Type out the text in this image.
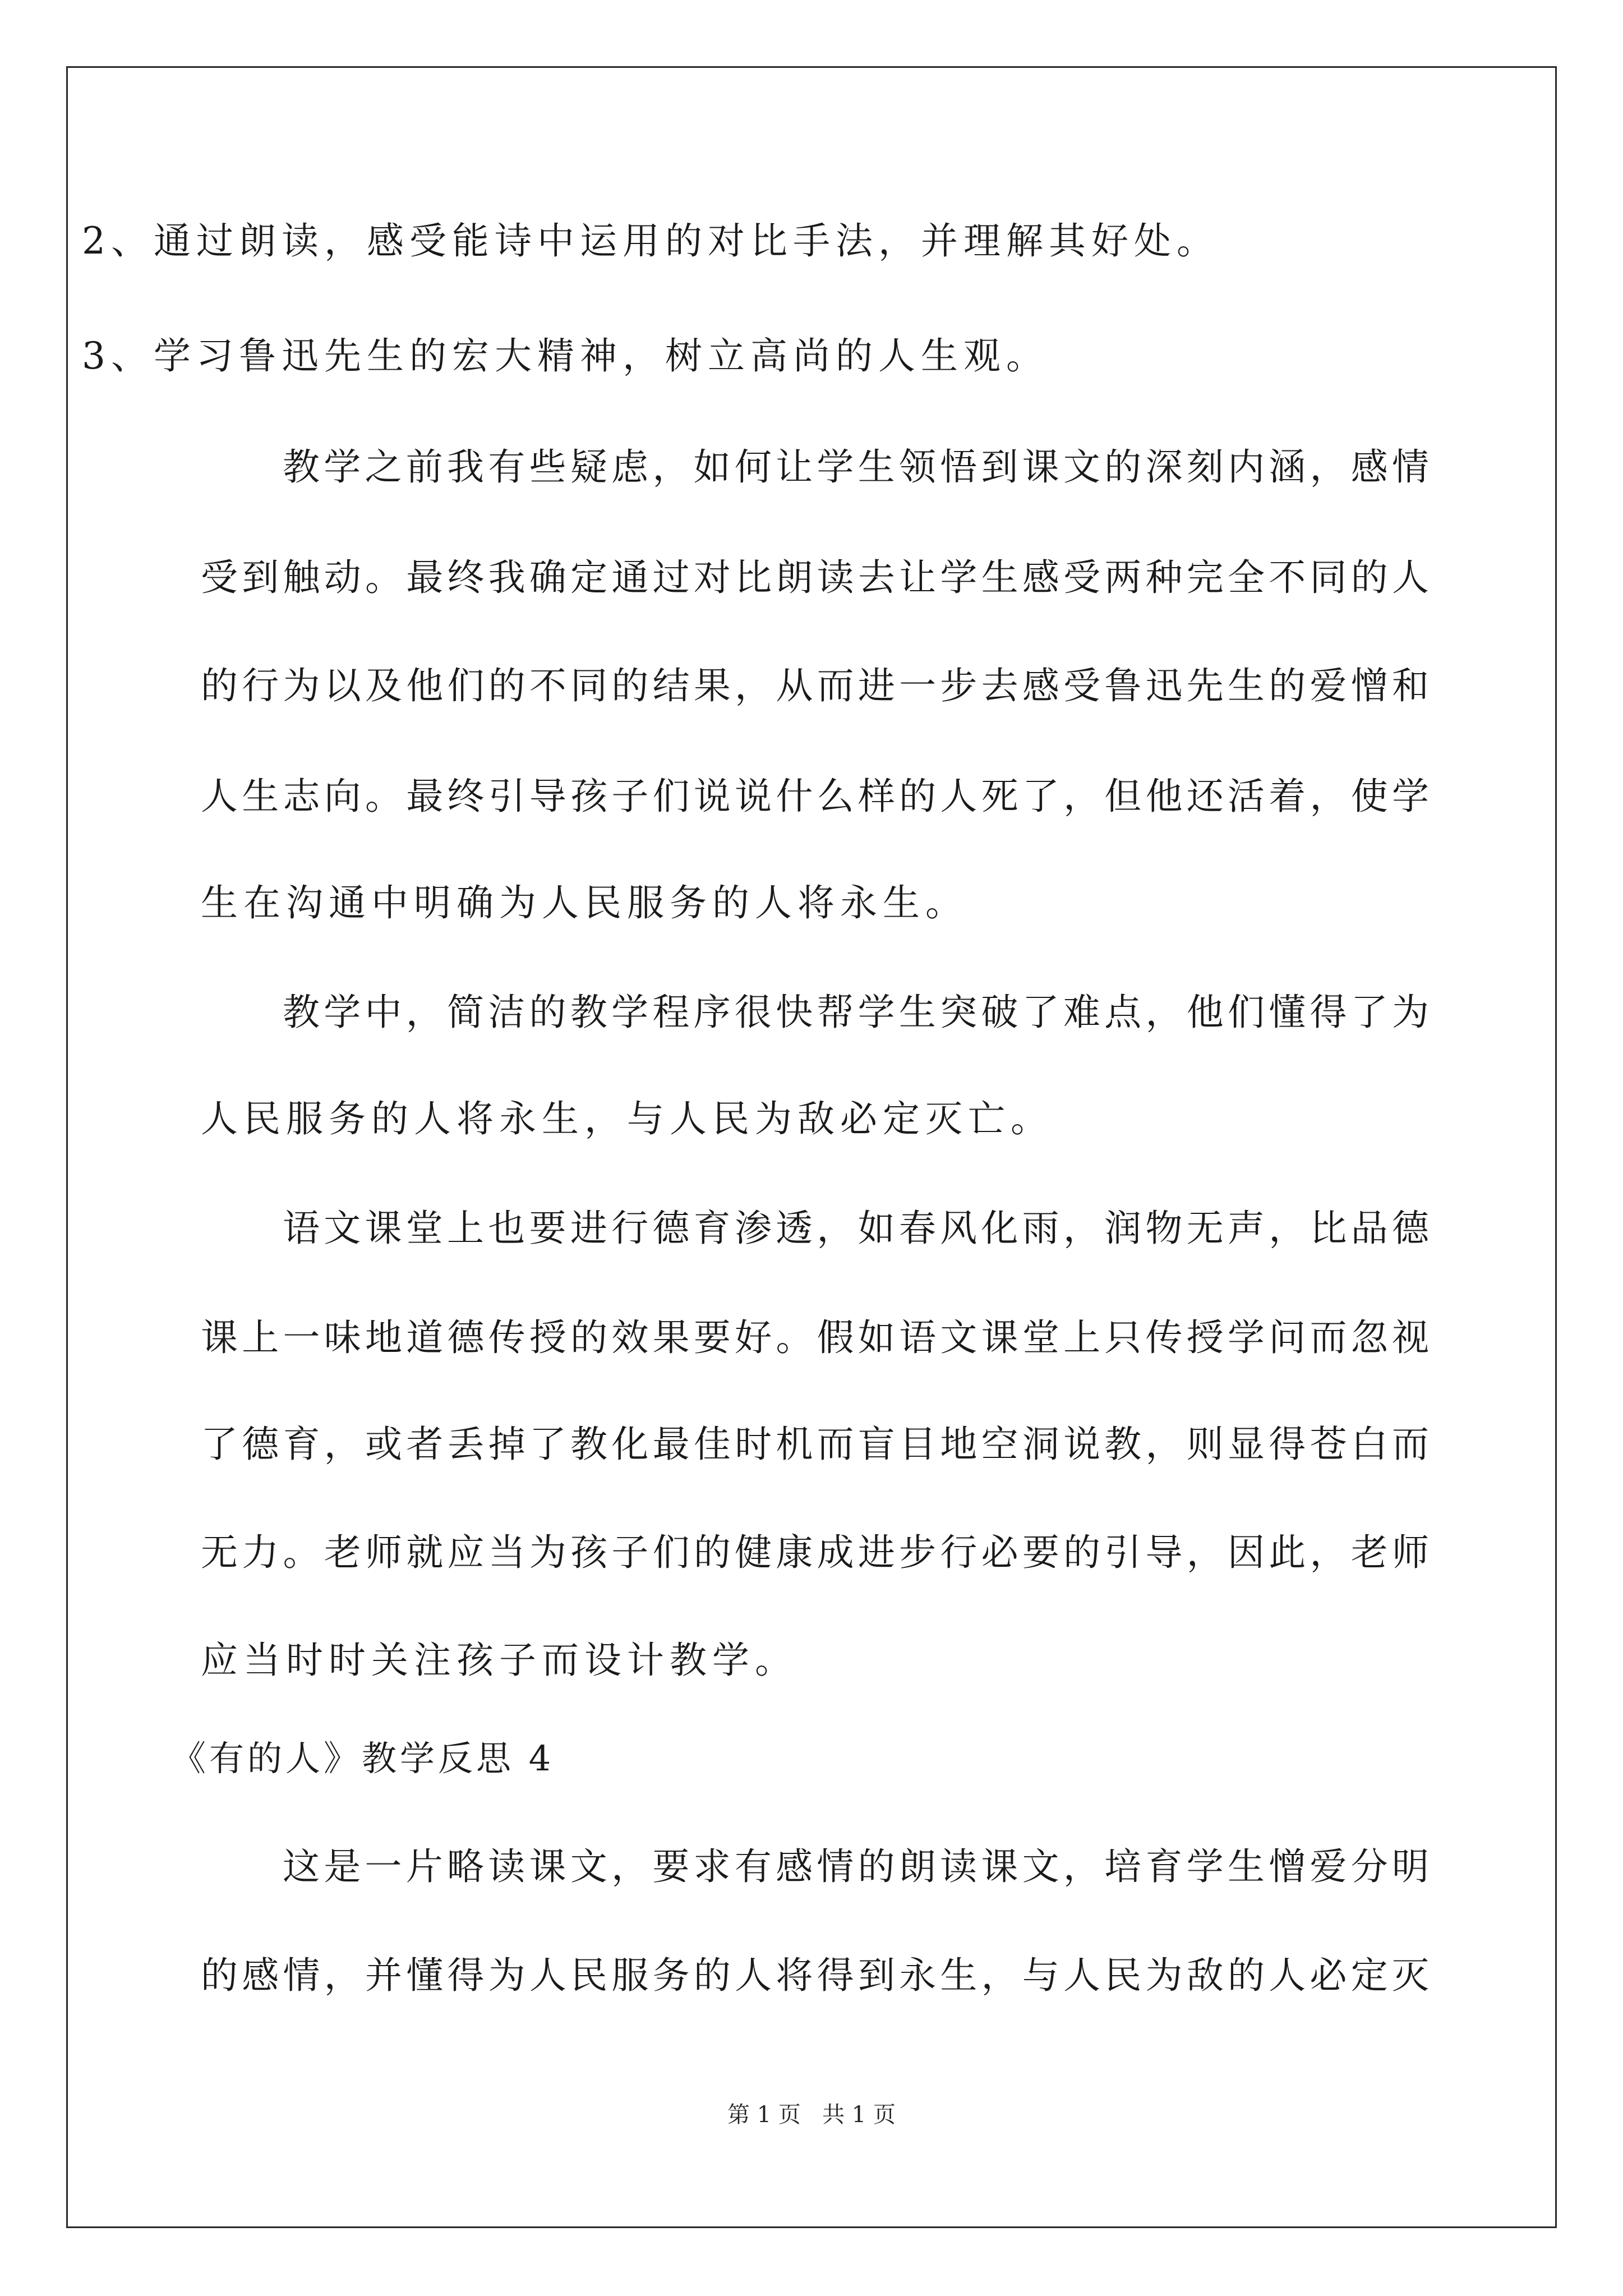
2、通过朗读，感受能诗中运用的对比手法，并理解其好处。
3、学习鲁迅先生的宏大精神，树立高尚的人生观。
教学之前我有些疑虑，如何让学生领悟到课文的深刻内涵，感情
受到触动。最终我确定通过对比朗读去让学生感受两种完全不同的人
的行为以及他们的不同的结果，从而进一步去感受鲁迅先生的爱憎和
人生志向。最终引导孩子们说说什么样的人死了，但他还活着，使学
生在沟通中明确为人民服务的人将永生。
教学中，简洁的教学程序很快帮学生突破了难点，他们懂得了为
人民服务的人将永生，与人民为敌必定灭亡。
语文课堂上也要进行德育渗透，如春风化雨，润物无声，比品德
课上一味地道德传授的效果要好。假如语文课堂上只传授学问而忽视
了德育，或者丢掉了教化最佳时机而盲目地空洞说教，则显得苍白而
无力。老师就应当为孩子们的健康成进步行必要的引导，因此，老师
应当时时关注孩子而设计教学。
《有的人》教学反思 4
这是一片略读课文，要求有感情的朗读课文，培育学生憎爱分明
的感情，并懂得为人民服务的人将得到永生，与人民为敌的人必定灭
第 1 页   共 1 页
